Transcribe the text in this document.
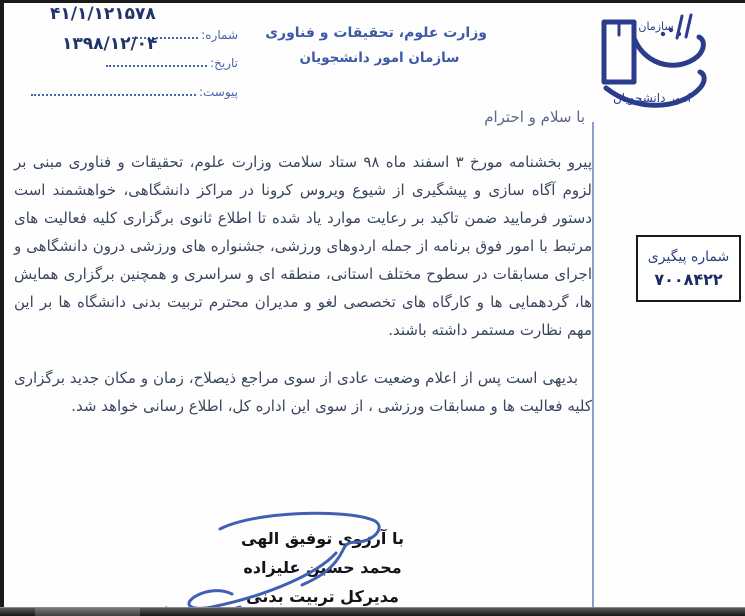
شماره:
۴۱/۱/۱۲۱۵۷۸
تاریخ:
۱۳۹۸/۱۲/۰۴
پیوست:
وزارت علوم، تحقیقات و فناوری
سازمان امور دانشجویان
سازمان
امور دانشجویان
با سلام و احترام

پیرو بخشنامه مورخ ۳ اسفند ماه ۹۸ ستاد سلامت وزارت علوم، تحقیقات و فناوری مبنی بر لزوم آگاه سازی و پیشگیری از شیوع ویروس کرونا در مراکز دانشگاهی، خواهشمند است دستور فرمایید ضمن تاکید بر رعایت موارد یاد شده تا اطلاع ثانوی برگزاری کلیه فعالیت های مرتبط با امور فوق برنامه از جمله اردوهای ورزشی، جشنواره های ورزشی درون دانشگاهی و اجرای مسابقات در سطوح مختلف استانی، منطقه ای و سراسری و همچنین برگزاری همایش ها، گردهمایی ها و کارگاه های تخصصی لغو و مدیران محترم تربیت بدنی دانشگاه ها بر این مهم نظارت مستمر داشته باشند.

بدیهی است پس از اعلام وضعیت عادی از سوی مراجع ذیصلاح، زمان و مکان جدید برگزاری کلیه فعالیت ها و مسابقات ورزشی ، از سوی این اداره کل، اطلاع رسانی خواهد شد.

شماره پیگیری
۷۰۰۸۴۲۲
با آرزوی توفیق الهی
محمد حسین علیزاده
مدیرکل تربیت بدنی
